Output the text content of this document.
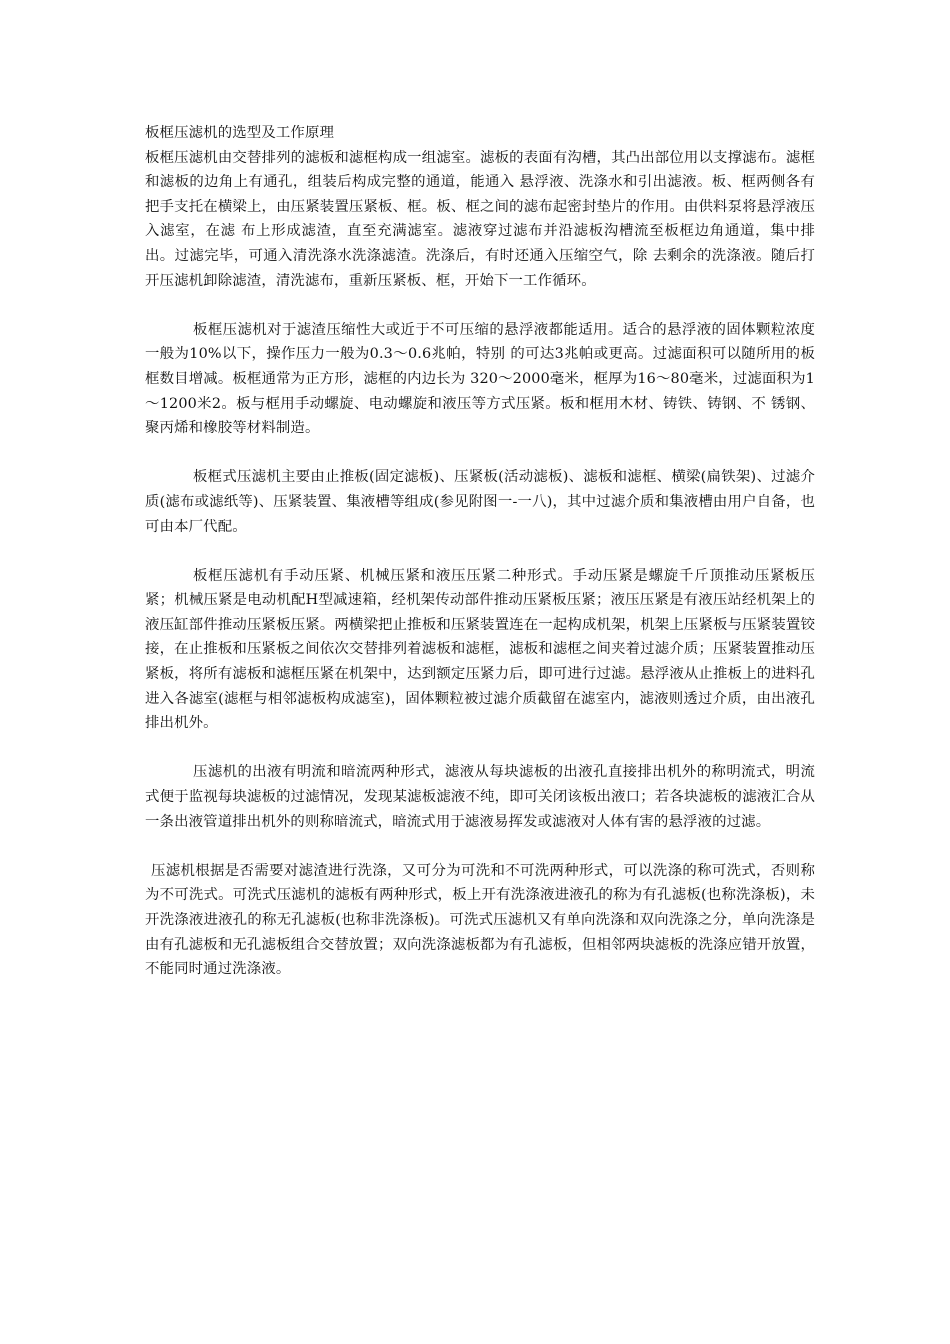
板框压滤机的选型及工作原理

板框压滤机由交替排列的滤板和滤框构成一组滤室。滤板的表面有沟槽，其凸出部位用以支撑滤布。滤框和滤板的边角上有通孔，组装后构成完整的通道，能通入 悬浮液、洗涤水和引出滤液。板、框两侧各有把手支托在横梁上，由压紧装置压紧板、框。板、框之间的滤布起密封垫片的作用。由供料泵将悬浮液压入滤室，在滤 布上形成滤渣，直至充满滤室。滤液穿过滤布并沿滤板沟槽流至板框边角通道，集中排出。过滤完毕，可通入清洗涤水洗涤滤渣。洗涤后，有时还通入压缩空气，除 去剩余的洗涤液。随后打开压滤机卸除滤渣，清洗滤布，重新压紧板、框，开始下一工作循环。

板框压滤机对于滤渣压缩性大或近于不可压缩的悬浮液都能适用。适合的悬浮液的固体颗粒浓度一般为10%以下，操作压力一般为0.3～0.6兆帕，特别 的可达3兆帕或更高。过滤面积可以随所用的板框数目增减。板框通常为正方形，滤框的内边长为 320～2000毫米，框厚为16～80毫米，过滤面积为1～1200米2。板与框用手动螺旋、电动螺旋和液压等方式压紧。板和框用木材、铸铁、铸钢、不 锈钢、聚丙烯和橡胶等材料制造。

板框式压滤机主要由止推板(固定滤板)、压紧板(活动滤板)、滤板和滤框、横梁(扁铁架)、过滤介质(滤布或滤纸等)、压紧装置、集液槽等组成(参见附图一-一八)，其中过滤介质和集液槽由用户自备，也可由本厂代配。

板框压滤机有手动压紧、机械压紧和液压压紧二种形式。手动压紧是螺旋千斤顶推动压紧板压紧；机械压紧是电动机配H型减速箱，经机架传动部件推动压紧板压紧；液压压紧是有液压站经机架上的液压缸部件推动压紧板压紧。两横梁把止推板和压紧装置连在一起构成机架，机架上压紧板与压紧装置铰接，在止推板和压紧板之间依次交替排列着滤板和滤框，滤板和滤框之间夹着过滤介质；压紧装置推动压紧板，将所有滤板和滤框压紧在机架中，达到额定压紧力后，即可进行过滤。悬浮液从止推板上的进料孔进入各滤室(滤框与相邻滤板构成滤室)，固体颗粒被过滤介质截留在滤室内，滤液则透过介质，由出液孔排出机外。

压滤机的出液有明流和暗流两种形式，滤液从每块滤板的出液孔直接排出机外的称明流式，明流式便于监视每块滤板的过滤情况，发现某滤板滤液不纯，即可关闭该板出液口；若各块滤板的滤液汇合从一条出液管道排出机外的则称暗流式，暗流式用于滤液易挥发或滤液对人体有害的悬浮液的过滤。

压滤机根据是否需要对滤渣进行洗涤，又可分为可洗和不可洗两种形式，可以洗涤的称可洗式，否则称为不可洗式。可洗式压滤机的滤板有两种形式，板上开有洗涤液进液孔的称为有孔滤板(也称洗涤板)，未开洗涤液进液孔的称无孔滤板(也称非洗涤板)。可洗式压滤机又有单向洗涤和双向洗涤之分，单向洗涤是由有孔滤板和无孔滤板组合交替放置；双向洗涤滤板都为有孔滤板，但相邻两块滤板的洗涤应错开放置，不能同时通过洗涤液。
